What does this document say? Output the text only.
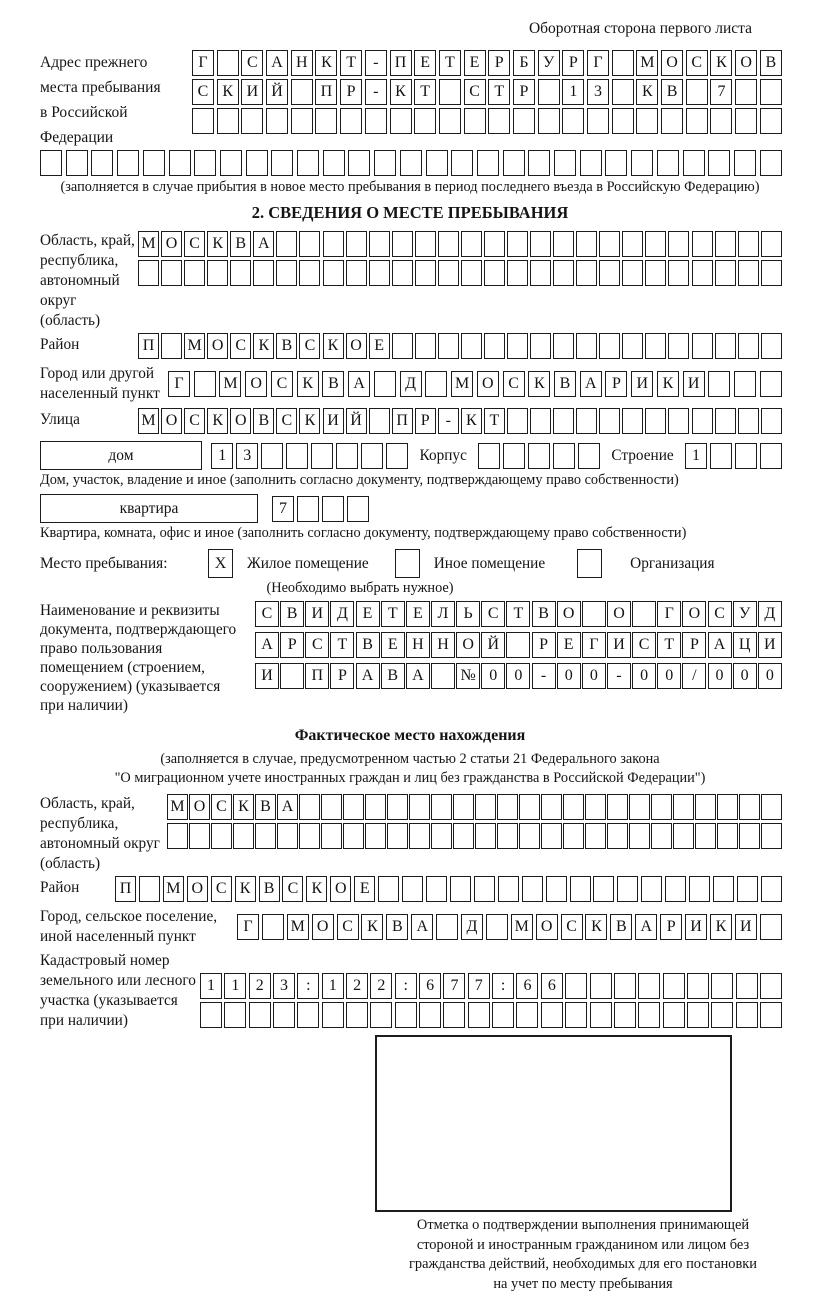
Оборотная сторона первого листа
Адрес прежнего
места пребывания
в Российской
Федерации
Г	С А Н К Т	-	П Е Т Е Р Б У Р Г	М О С К О В
С К И Й	П Р	-	К Т	С Т Р	1	3	К В	7
(заполняется в случае прибытия в новое место пребывания в период последнего въезда в Российскую Федерацию)
2. СВЕДЕНИЯ О МЕСТЕ ПРЕБЫВАНИЯ
Область, край,
республика,
автономный
округ (область)
М О С К В А
Район	П М О С К В С К О Е
Город или другой
населенный пункт
Г	М О С К В А	Д	М О С К В А Р И К И
Улица	М О С К О В С К И Й П Р - К Т
дом	1	3	Корпус	Строение	1
Дом, участок, владение и иное (заполнить согласно документу, подтверждающему право собственности)
квартира	7
Квартира, комната, офис и иное (заполнить согласно документу, подтверждающему право собственности)
Место пребывания:	X	Жилое помещение	Иное помещение	Организация
(Необходимо выбрать нужное)
Наименование и реквизиты
документа, подтверждающего
право пользования
помещением (строением,
сооружением) (указывается
при наличии)
С В И Д Е Т Е Л Ь С Т В О	О	Г О С У Д
А Р С Т В Е Н Н О Й	Р Е Г И С Т Р А Ц И
И	П Р А В А	№ 0	0	-	0	0	-	0	0	/	0	0	0
Фактическое место нахождения
(заполняется в случае, предусмотренном частью 2 статьи 21 Федерального закона
"О миграционном учете иностранных граждан и лиц без гражданства в Российской Федерации")
Область, край,
республика,
автономный округ
(область)
М О С К В А
Район	П М О С К В С К О Е
Город, сельское поселение,
иной населенный пункт
Г	М О С К В А	Д	М О С К В А Р И К И
Кадастровый номер
земельного или лесного
участка (указывается
при наличии)
1	1	2	3	:	1	2	2	:	6	7	7	:	6	6
Отметка о подтверждении выполнения принимающей
стороной и иностранным гражданином или лицом без
гражданства действий, необходимых для его постановки
на учет по месту пребывания
